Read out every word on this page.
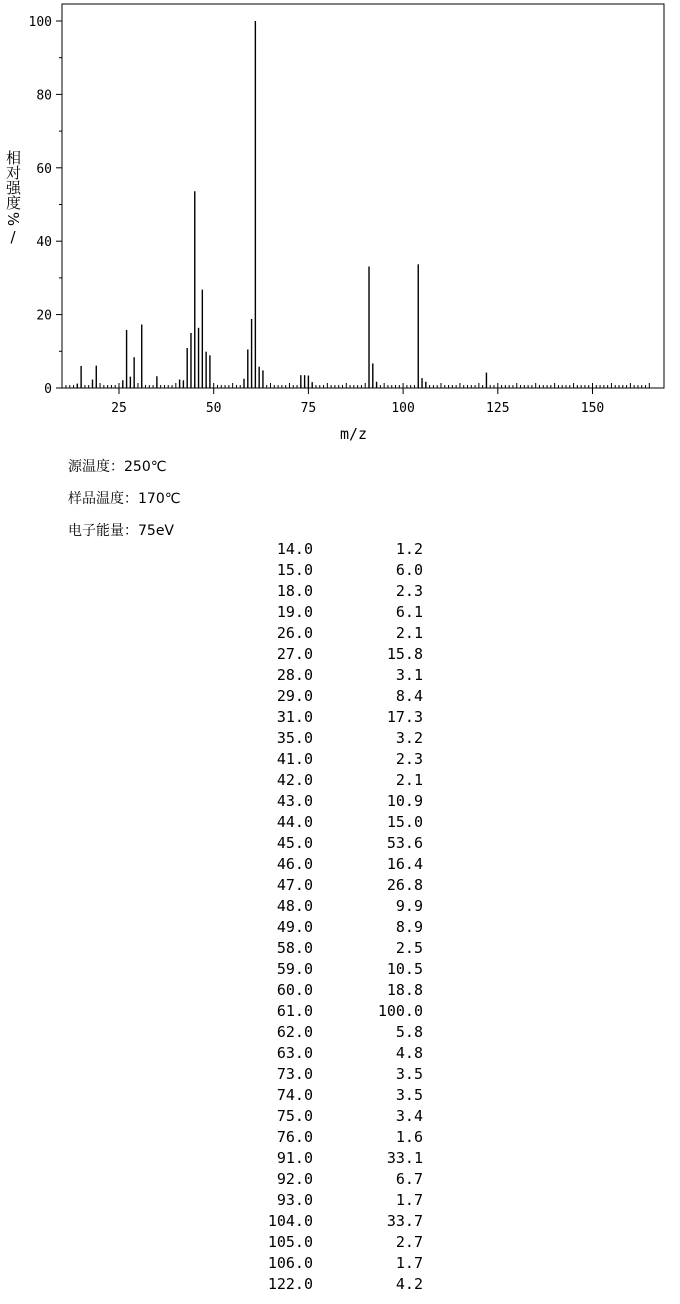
25	50	75	100	125	150
0
20
40
60
80
100
相对强度
%/
m/z
源温度：250℃
样品温度：170℃
电子能量：75eV
14.0	1.2
15.0	6.0
18.0	2.3
19.0	6.1
26.0	2.1
27.0	15.8
28.0	3.1
29.0	8.4
31.0	17.3
35.0	3.2
41.0	2.3
42.0	2.1
43.0	10.9
44.0	15.0
45.0	53.6
46.0	16.4
47.0	26.8
48.0	9.9
49.0	8.9
58.0	2.5
59.0	10.5
60.0	18.8
61.0	100.0
62.0	5.8
63.0	4.8
73.0	3.5
74.0	3.5
75.0	3.4
76.0	1.6
91.0	33.1
92.0	6.7
93.0	1.7
104.0	33.7
105.0	2.7
106.0	1.7
122.0	4.2
